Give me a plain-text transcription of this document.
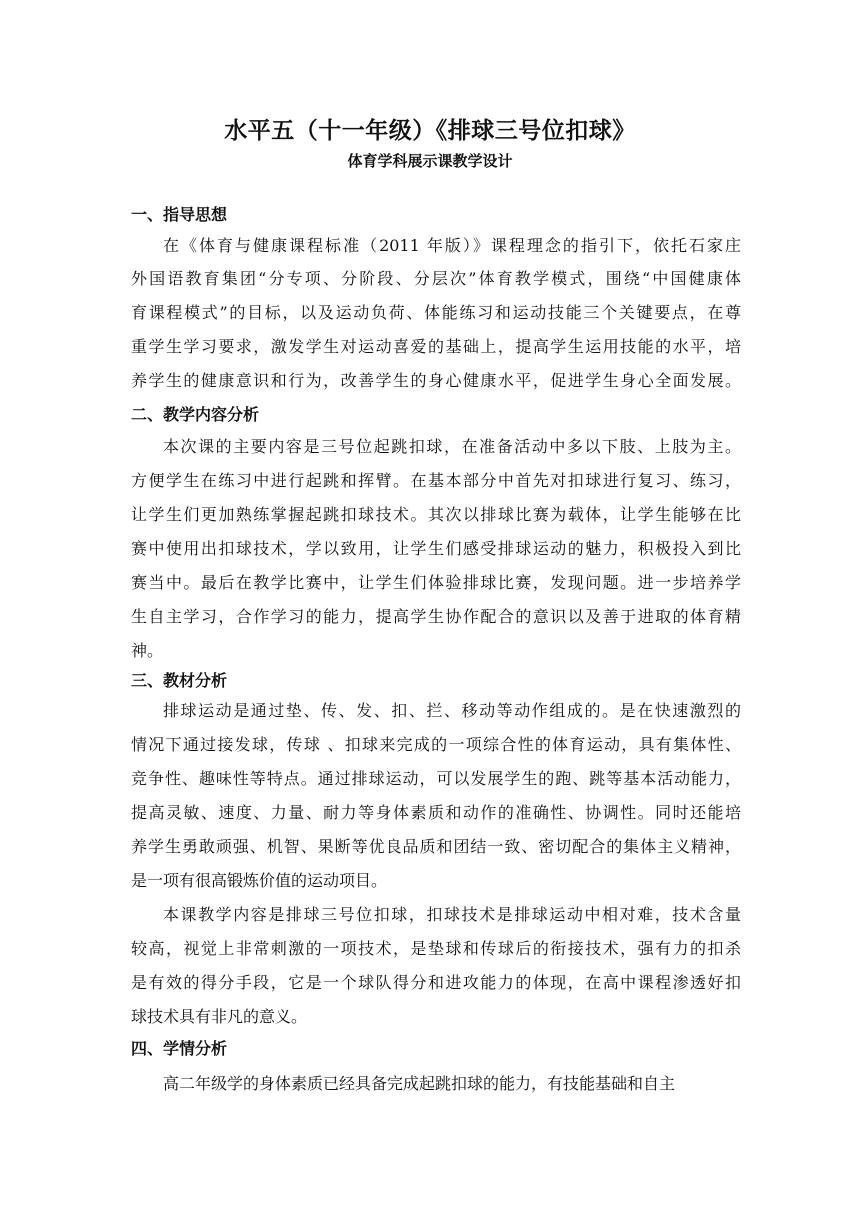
水平五（十一年级）《排球三号位扣球》
体育学科展示课教学设计
一、指导思想
在《体育与健康课程标准（2011 年版）》课程理念的指引下，依托石家庄
外国语教育集团“分专项、分阶段、分层次”体育教学模式，围绕“中国健康体
育课程模式”的目标，以及运动负荷、体能练习和运动技能三个关键要点，在尊
重学生学习要求，激发学生对运动喜爱的基础上，提高学生运用技能的水平，培
养学生的健康意识和行为，改善学生的身心健康水平，促进学生身心全面发展。
二、教学内容分析
本次课的主要内容是三号位起跳扣球，在准备活动中多以下肢、上肢为主。
方便学生在练习中进行起跳和挥臂。在基本部分中首先对扣球进行复习、练习，
让学生们更加熟练掌握起跳扣球技术。其次以排球比赛为载体，让学生能够在比
赛中使用出扣球技术，学以致用，让学生们感受排球运动的魅力，积极投入到比
赛当中。最后在教学比赛中，让学生们体验排球比赛，发现问题。进一步培养学
生自主学习，合作学习的能力，提高学生协作配合的意识以及善于进取的体育精
神。
三、教材分析
排球运动是通过垫、传、发、扣、拦、移动等动作组成的。是在快速激烈的
情况下通过接发球，传球 、扣球来完成的一项综合性的体育运动，具有集体性、
竞争性、趣味性等特点。通过排球运动，可以发展学生的跑、跳等基本活动能力，
提高灵敏、速度、力量、耐力等身体素质和动作的准确性、协调性。同时还能培
养学生勇敢顽强、机智、果断等优良品质和团结一致、密切配合的集体主义精神，
是一项有很高锻炼价值的运动项目。
本课教学内容是排球三号位扣球，扣球技术是排球运动中相对难，技术含量
较高，视觉上非常刺激的一项技术，是垫球和传球后的衔接技术，强有力的扣杀
是有效的得分手段，它是一个球队得分和进攻能力的体现，在高中课程渗透好扣
球技术具有非凡的意义。
四、学情分析
高二年级学的身体素质已经具备完成起跳扣球的能力，有技能基础和自主
